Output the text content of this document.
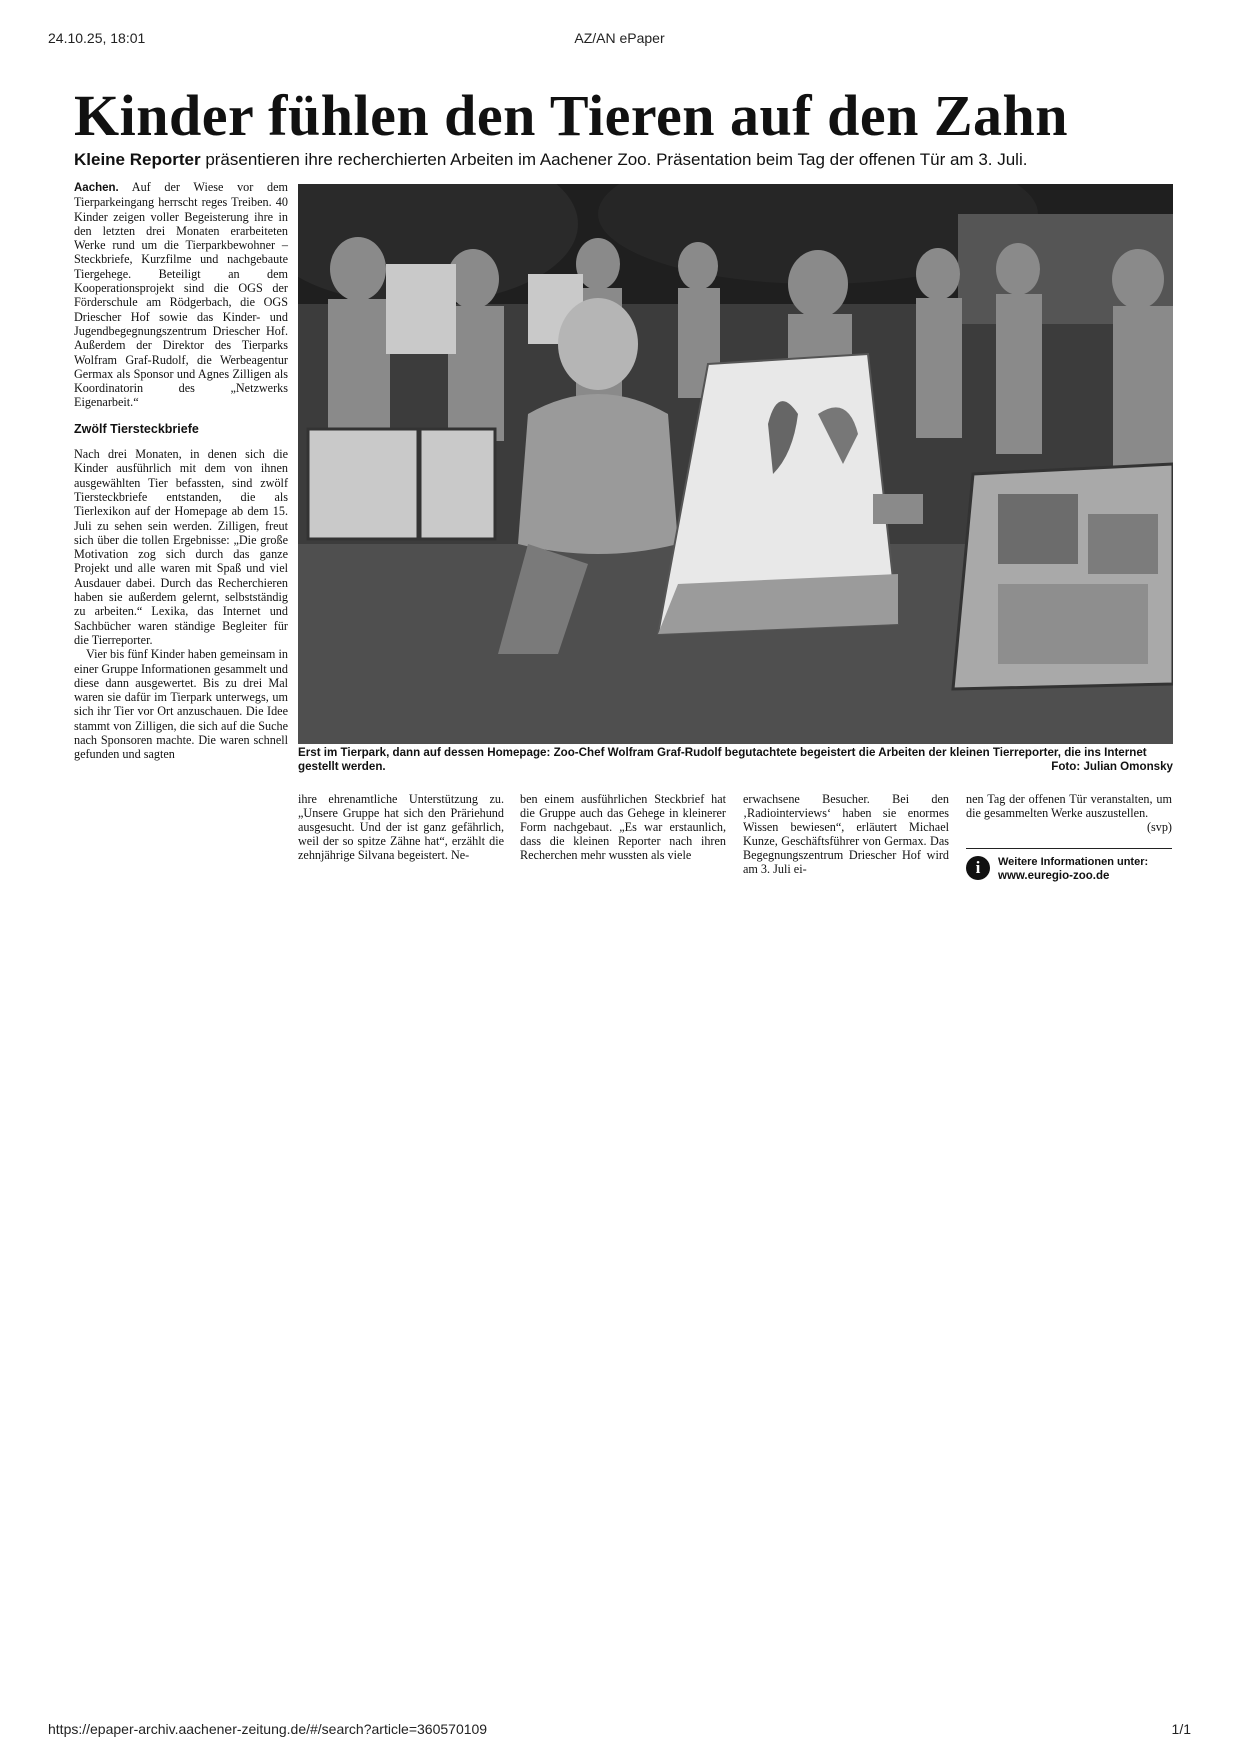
24.10.25, 18:01	AZ/AN ePaper
Kinder fühlen den Tieren auf den Zahn
Kleine Reporter präsentieren ihre recherchierten Arbeiten im Aachener Zoo. Präsentation beim Tag der offenen Tür am 3. Juli.

Aachen. Auf der Wiese vor dem Tierparkeingang herrscht reges Treiben. 40 Kinder zeigen voller Begeisterung ihre in den letzten drei Monaten erarbeiteten Werke rund um die Tierparkbewohner – Steckbriefe, Kurzfilme und nachgebaute Tiergehege. Beteiligt an dem Kooperationsprojekt sind die OGS der Förderschule am Rödgerbach, die OGS Driescher Hof sowie das Kinder- und Jugendbegegnungszentrum Driescher Hof. Außerdem der Direktor des Tierparks Wolfram Graf-Rudolf, die Werbeagentur Germax als Sponsor und Agnes Zilligen als Koordinatorin des „Netzwerks Eigenarbeit.“

Zwölf Tiersteckbriefe

Nach drei Monaten, in denen sich die Kinder ausführlich mit dem von ihnen ausgewählten Tier befassten, sind zwölf Tiersteckbriefe entstanden, die als Tierlexikon auf der Homepage ab dem 15. Juli zu sehen sein werden. Zilligen, freut sich über die tollen Ergebnisse: „Die große Motivation zog sich durch das ganze Projekt und alle waren mit Spaß und viel Ausdauer dabei. Durch das Recherchieren haben sie außerdem gelernt, selbstständig zu arbeiten.“ Lexika, das Internet und Sachbücher waren ständige Begleiter für die Tierreporter.

Vier bis fünf Kinder haben gemeinsam in einer Gruppe Informationen gesammelt und diese dann ausgewertet. Bis zu drei Mal waren sie dafür im Tierpark unterwegs, um sich ihr Tier vor Ort anzuschauen. Die Idee stammt von Zilligen, die sich auf die Suche nach Sponsoren machte. Die waren schnell gefunden und sagten	Erst im Tierpark, dann auf dessen Homepage: Zoo-Chef Wolfram Graf-Rudolf begutachtete begeistert die Arbeiten der kleinen Tierreporter, die ins Internet gestellt werden.	Foto: Julian Omonsky

ihre ehrenamtliche Unterstützung zu. „Unsere Gruppe hat sich den Präriehund ausgesucht. Und der ist ganz gefährlich, weil der so spitze Zähne hat“, erzählt die zehnjährige Silvana begeistert. Ne-

ben einem ausführlichen Steckbrief hat die Gruppe auch das Gehege in kleinerer Form nachgebaut. „Es war erstaunlich, dass die kleinen Reporter nach ihren Recherchen mehr wussten als viele

erwachsene Besucher. Bei den ‚Radiointerviews‘ haben sie enormes Wissen bewiesen“, erläutert Michael Kunze, Geschäftsführer von Germax. Das Begegnungszentrum Driescher Hof wird am 3. Juli ei-

nen Tag der offenen Tür veranstalten, um die gesammelten Werke auszustellen.
(svp)

i	Weitere Informationen unter:
www.euregio-zoo.de
https://epaper-archiv.aachener-zeitung.de/#/search?article=360570109	1/1
